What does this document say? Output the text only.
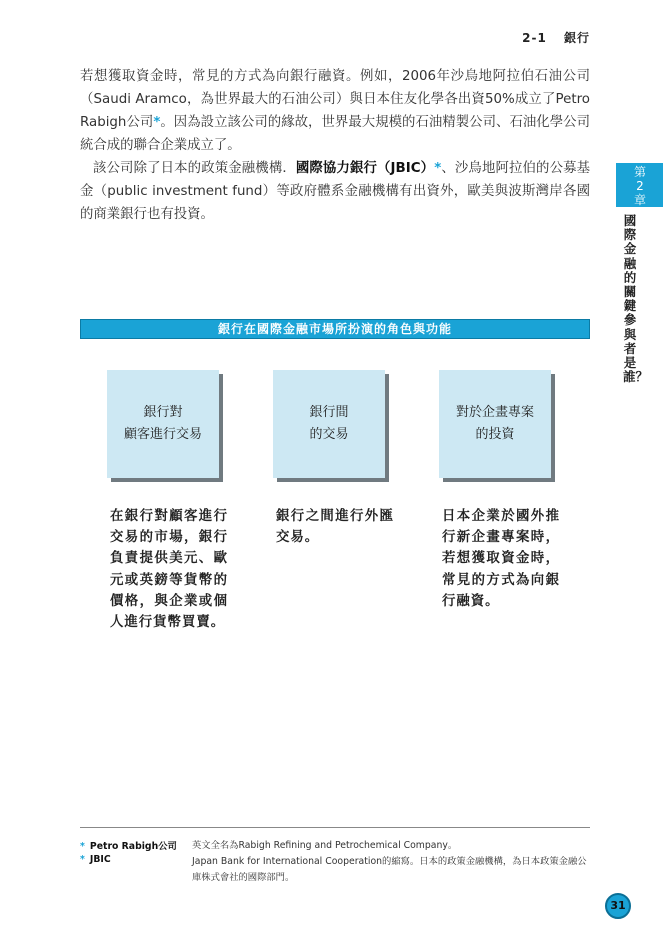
2-1 銀行
第
2
章
國際金融的關鍵參與者是誰？

若想獲取資金時，常見的方式為向銀行融資。例如，2006年沙烏地阿拉伯石油公司（Saudi Aramco，為世界最大的石油公司）與日本住友化學各出資50%成立了Petro Rabigh公司*。因為設立該公司的緣故，世界最大規模的石油精製公司、石油化學公司統合成的聯合企業成立了。

該公司除了日本的政策金融機構．國際協力銀行（JBIC）*、沙烏地阿拉伯的公募基金（public investment fund）等政府體系金融機構有出資外，歐美與波斯灣岸各國的商業銀行也有投資。

銀行在國際金融市場所扮演的角色與功能
銀行對
顧客進行交易
銀行間
的交易
對於企畫專案
的投資
在銀行對顧客進行交易的市場，銀行負責提供美元、歐元或英鎊等貨幣的價格，與企業或個人進行貨幣買賣。
銀行之間進行外匯交易。
日本企業於國外推行新企畫專案時，若想獲取資金時，常見的方式為向銀行融資。
* Petro Rabigh公司 英文全名為Rabigh Refining and Petrochemical Company。
* JBIC	Japan Bank for International Cooperation的縮寫。日本的政策金融機構，為日本政策金融公庫株式會社的國際部門。
31
